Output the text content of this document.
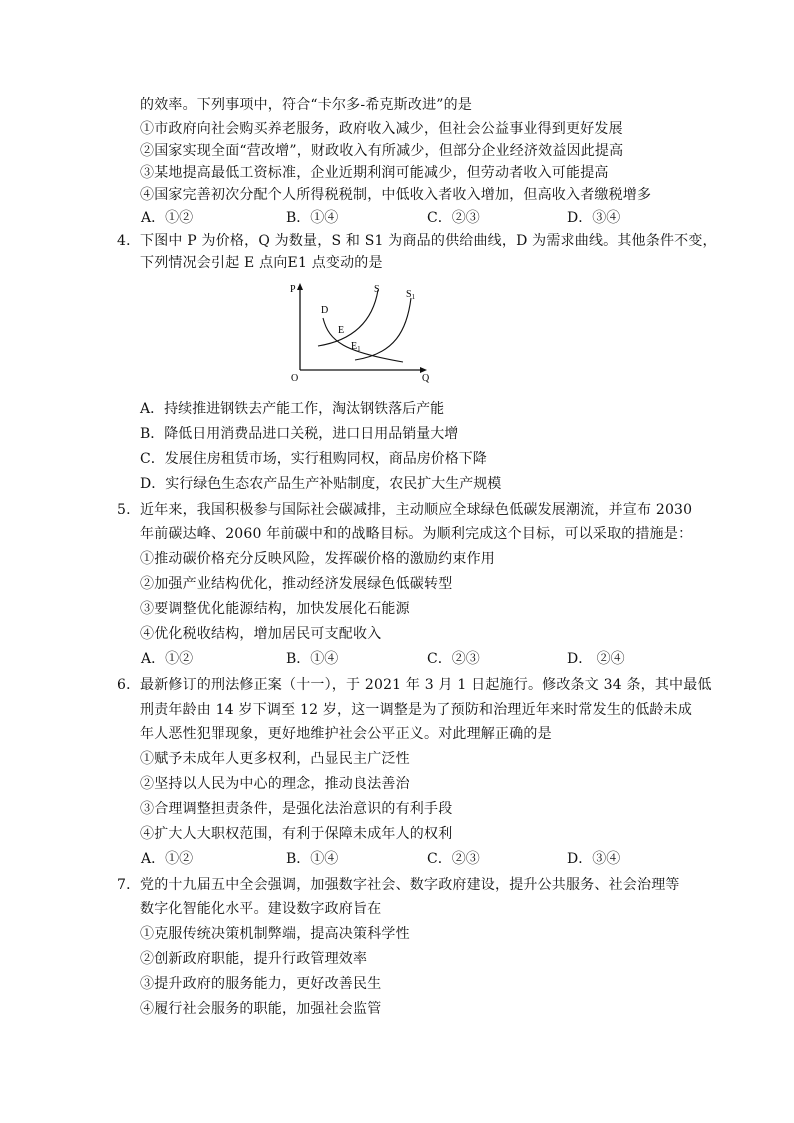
的效率。下列事项中，符合“卡尔多-希克斯改进”的是
①市政府向社会购买养老服务，政府收入减少，但社会公益事业得到更好发展
②国家实现全面“营改增”，财政收入有所减少，但部分企业经济效益因此提高
③某地提高最低工资标准，企业近期利润可能减少，但劳动者收入可能提高
④国家完善初次分配个人所得税税制，中低收入者收入增加，但高收入者缴税增多
A．①②	B．①④	C．②③	D．③④
4． 下图中 P 为价格，Q 为数量，S 和 S1 为商品的供给曲线，D 为需求曲线。其他条件不变，
下列情况会引起 E 点向E1 点变动的是
P
Q
O
D
S	$S_1$
E
$E_1$
A．持续推进钢铁去产能工作，淘汰钢铁落后产能
B．降低日用消费品进口关税，进口日用品销量大增
C．发展住房租赁市场，实行租购同权，商品房价格下降
D．实行绿色生态农产品生产补贴制度，农民扩大生产规模
5. 近年来，我国积极参与国际社会碳减排，主动顺应全球绿色低碳发展潮流，并宣布 2030
年前碳达峰、2060 年前碳中和的战略目标。为顺利完成这个目标，可以采取的措施是：
①推动碳价格充分反映风险，发挥碳价格的激励约束作用
②加强产业结构优化，推动经济发展绿色低碳转型
③要调整优化能源结构，加快发展化石能源
④优化税收结构，增加居民可支配收入
A．①②	B．①④	C．②③	D． ②④
6． 最新修订的刑法修正案（十一），于 2021 年 3 月 1 日起施行。修改条文 34 条，其中最低
刑责年龄由 14 岁下调至 12 岁，这一调整是为了预防和治理近年来时常发生的低龄未成
年人恶性犯罪现象，更好地维护社会公平正义。对此理解正确的是
①赋予未成年人更多权利，凸显民主广泛性
②坚持以人民为中心的理念，推动良法善治
③合理调整担责条件，是强化法治意识的有利手段
④扩大人大职权范围，有利于保障未成年人的权利
A．①②	B．①④	C．②③	D．③④
7． 党的十九届五中全会强调，加强数字社会、数字政府建设，提升公共服务、社会治理等
数字化智能化水平。建设数字政府旨在
①克服传统决策机制弊端，提高决策科学性
②创新政府职能，提升行政管理效率
③提升政府的服务能力，更好改善民生
④履行社会服务的职能，加强社会监管
